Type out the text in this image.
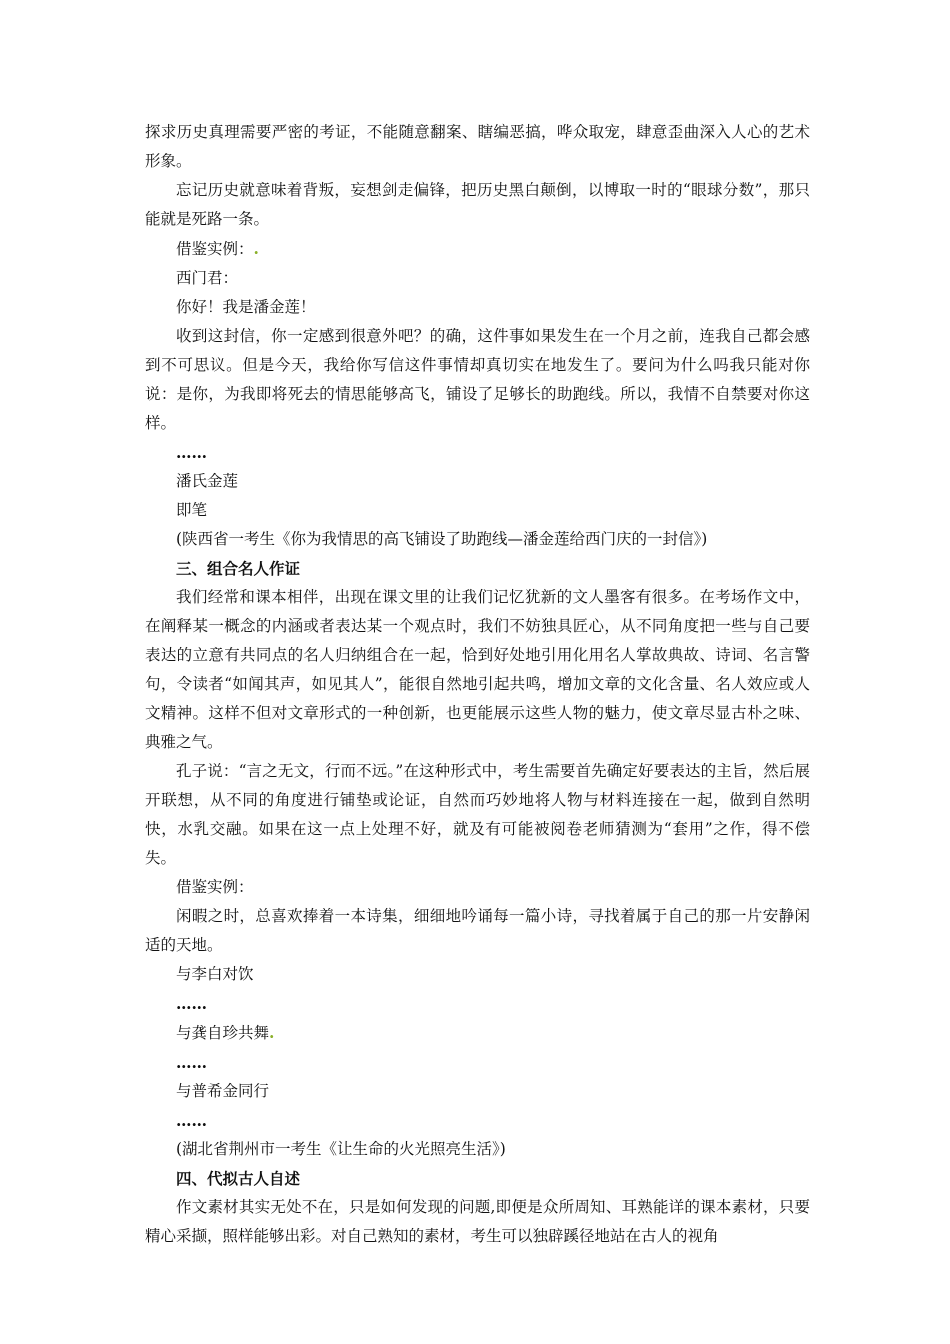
探求历史真理需要严密的考证，不能随意翻案、瞎编恶搞，哗众取宠，肆意歪曲深入人心的艺术形象。

忘记历史就意味着背叛，妄想剑走偏锋，把历史黑白颠倒，以博取一时的“眼球分数”，那只能就是死路一条。

借鉴实例：.

西门君：

你好！我是潘金莲！

收到这封信，你一定感到很意外吧？的确，这件事如果发生在一个月之前，连我自己都会感到不可思议。但是今天，我给你写信这件事情却真切实在地发生了。要问为什么吗我只能对你说：是你，为我即将死去的情思能够高飞，铺设了足够长的助跑线。所以，我情不自禁要对你这样。

……

潘氏金莲

即笔

(陕西省一考生《你为我情思的高飞铺设了助跑线—潘金莲给西门庆的一封信》)

三、组合名人作证

我们经常和课本相伴，出现在课文里的让我们记忆犹新的文人墨客有很多。在考场作文中，在阐释某一概念的内涵或者表达某一个观点时，我们不妨独具匠心，从不同角度把一些与自己要表达的立意有共同点的名人归纳组合在一起，恰到好处地引用化用名人掌故典故、诗词、名言警句，令读者“如闻其声，如见其人”，能很自然地引起共鸣，增加文章的文化含量、名人效应或人文精神。这样不但对文章形式的一种创新，也更能展示这些人物的魅力，使文章尽显古朴之味、典雅之气。

孔子说：“言之无文，行而不远。”在这种形式中，考生需要首先确定好要表达的主旨，然后展开联想，从不同的角度进行铺垫或论证，自然而巧妙地将人物与材料连接在一起，做到自然明快，水乳交融。如果在这一点上处理不好，就及有可能被阅卷老师猜测为“套用”之作，得不偿失。

借鉴实例：

闲暇之时，总喜欢捧着一本诗集，细细地吟诵每一篇小诗，寻找着属于自己的那一片安静闲适的天地。

与李白对饮

……

与龚自珍共舞.

……

与普希金同行

……

(湖北省荆州市一考生《让生命的火光照亮生活》)

四、代拟古人自述

作文素材其实无处不在，只是如何发现的问题,即便是众所周知、耳熟能详的课本素材，只要精心采撷，照样能够出彩。对自己熟知的素材，考生可以独辟蹊径地站在古人的视角
